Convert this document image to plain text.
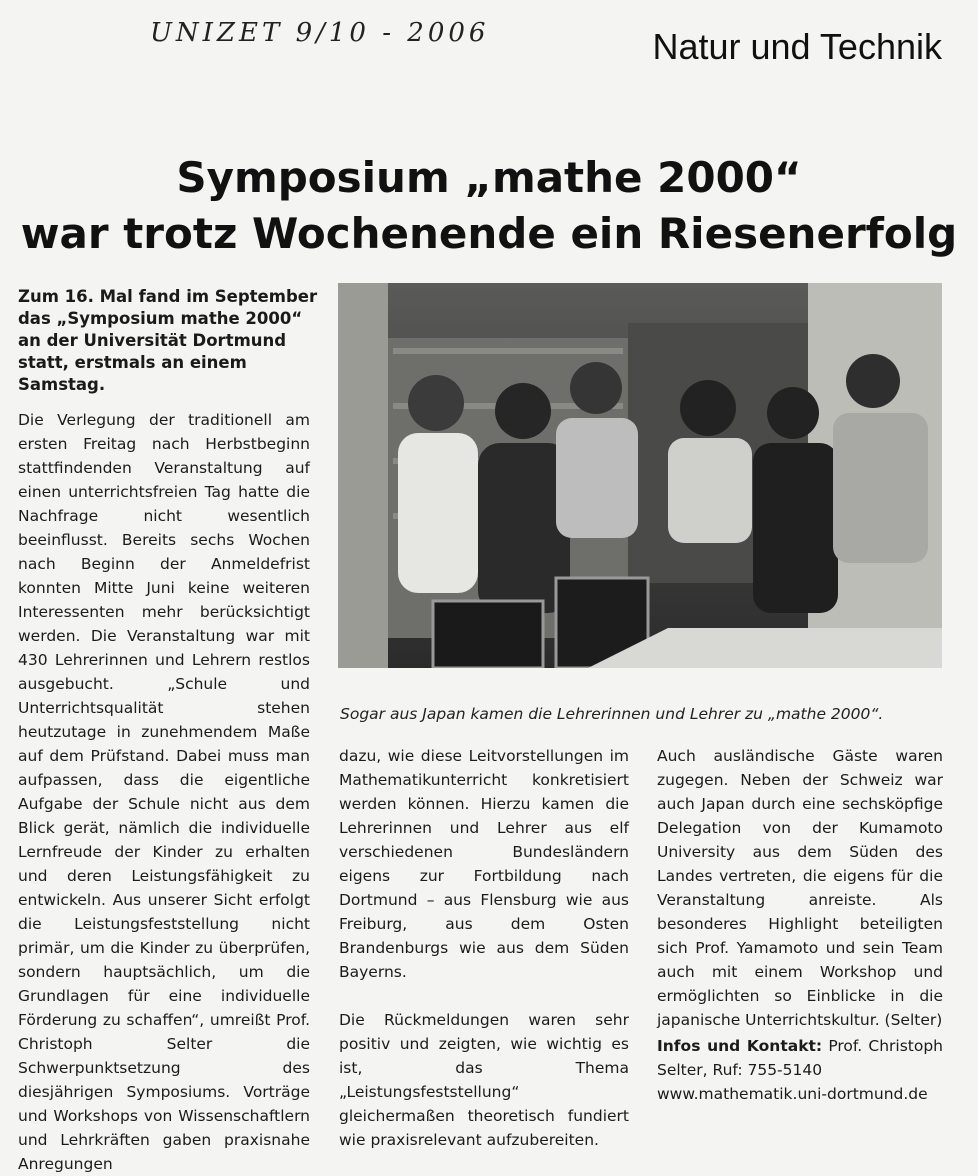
UNIZET 9/10 - 2006	Natur und Technik
Symposium „mathe 2000“
war trotz Wochenende ein Riesenerfolg
Zum 16. Mal fand im September das „Symposium mathe 2000“ an der Universität Dortmund statt, erstmals an einem Samstag.
Sogar aus Japan kamen die Lehrerinnen und Lehrer zu „mathe 2000“.

Die Verlegung der traditionell am ersten Freitag nach Herbstbeginn stattfindenden Veranstaltung auf einen unterrichtsfreien Tag hatte die Nachfrage nicht wesentlich beeinflusst. Bereits sechs Wochen nach Beginn der Anmeldefrist konnten Mitte Juni keine weiteren Interessenten mehr berücksichtigt werden. Die Veranstaltung war mit 430 Lehrerinnen und Lehrern restlos ausgebucht. „Schule und Unterrichtsqualität stehen heutzutage in zunehmendem Maße auf dem Prüfstand. Dabei muss man aufpassen, dass die eigentliche Aufgabe der Schule nicht aus dem Blick gerät, nämlich die individuelle Lernfreude der Kinder zu erhalten und deren Leistungsfähigkeit zu entwickeln. Aus unserer Sicht erfolgt die Leistungsfeststellung nicht primär, um die Kinder zu überprüfen, sondern hauptsächlich, um die Grundlagen für eine individuelle Förderung zu schaffen“, umreißt Prof. Christoph Selter die Schwerpunktsetzung des diesjährigen Symposiums. Vorträge und Workshops von Wissenschaftlern und Lehrkräften gaben praxisnahe Anregungen

dazu, wie diese Leitvorstellungen im Mathematikunterricht konkretisiert werden können. Hierzu kamen die Lehrerinnen und Lehrer aus elf verschiedenen Bundesländern eigens zur Fortbildung nach Dortmund – aus Flensburg wie aus Freiburg, aus dem Osten Brandenburgs wie aus dem Süden Bayerns.

Die Rückmeldungen waren sehr positiv und zeigten, wie wichtig es ist, das Thema „Leistungsfeststellung“ gleichermaßen theoretisch fundiert wie praxisrelevant aufzubereiten.

Auch ausländische Gäste waren zugegen. Neben der Schweiz war auch Japan durch eine sechsköpfige Delegation von der Kumamoto University aus dem Süden des Landes vertreten, die eigens für die Veranstaltung anreiste. Als besonderes Highlight beteiligten sich Prof. Yamamoto und sein Team auch mit einem Workshop und ermöglichten so Einblicke in die japanische Unterrichtskultur. (Selter)

Infos und Kontakt: Prof. Christoph Selter, Ruf: 755-5140
www.mathematik.uni-dortmund.de
